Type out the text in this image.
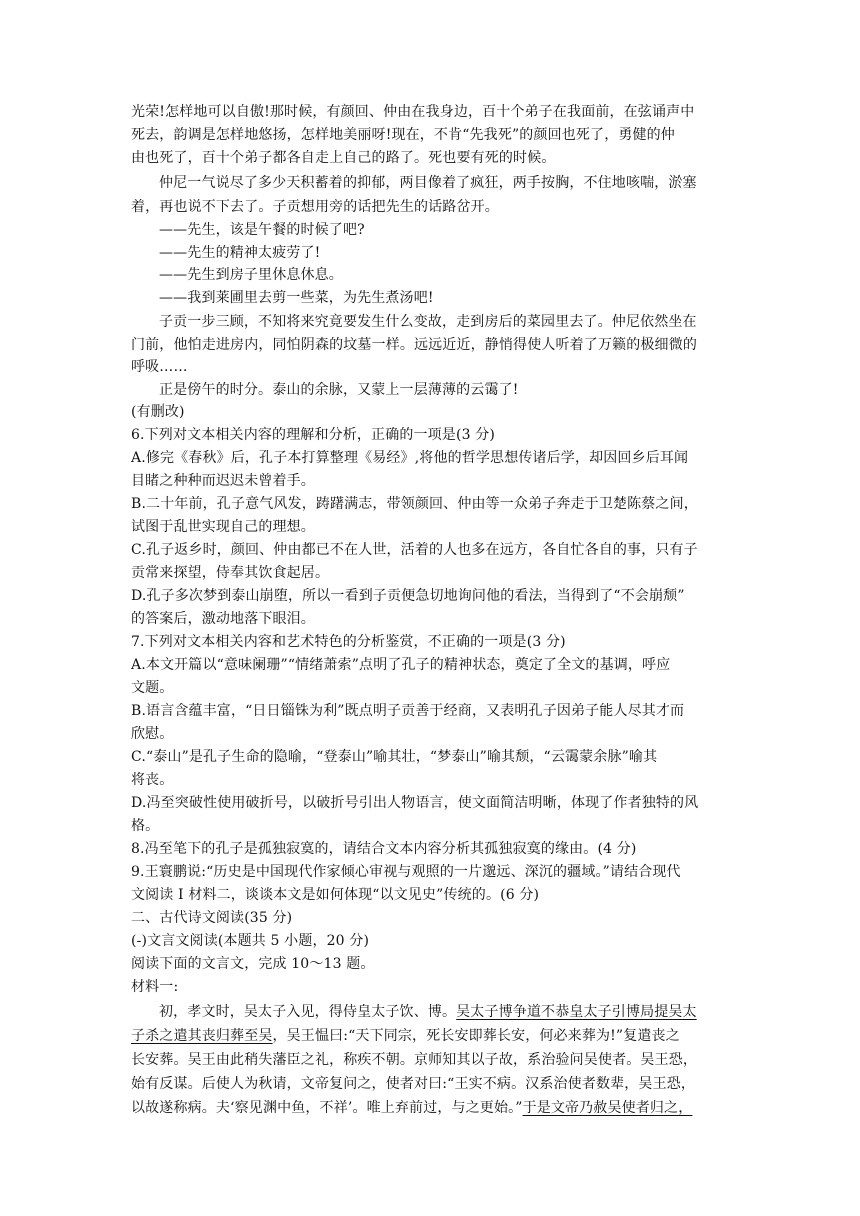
光荣!怎样地可以自傲!那时候，有颜回、仲由在我身边，百十个弟子在我面前，在弦诵声中
死去，韵调是怎样地悠扬，怎样地美丽呀!现在，不肯“先我死”的颜回也死了，勇健的仲
由也死了，百十个弟子都各自走上自己的路了。死也要有死的时候。
仲尼一气说尽了多少天积蓄着的抑郁，两目像着了疯狂，两手按胸，不住地咳喘，淤塞
着，再也说不下去了。子贡想用旁的话把先生的话路岔开。
——先生，该是午餐的时候了吧?
——先生的精神太疲劳了!
——先生到房子里休息休息。
——我到莱圃里去剪一些菜，为先生煮汤吧!
子贡一步三顾，不知将来究竟要发生什么变故，走到房后的菜园里去了。仲尼依然坐在
门前，他怕走进房内，同怕阴森的坟墓一样。远远近近，静悄得使人听着了万籁的极细微的
呼吸……
正是傍午的时分。泰山的余脉，又蒙上一层薄薄的云霭了!
(有删改)
6.下列对文本相关内容的理解和分析，正确的一项是(3 分)
A.修完《春秋》后，孔子本打算整理《易经》,将他的哲学思想传诸后学，却因回乡后耳闻
目睹之种种而迟迟未曾着手。
B.二十年前，孔子意气风发，踌躇满志，带领颜回、仲由等一众弟子奔走于卫楚陈蔡之间，
试图于乱世实现自己的理想。
C.孔子返乡时，颜回、仲由都已不在人世，活着的人也多在远方，各自忙各自的事，只有子
贡常来探望，侍奉其饮食起居。
D.孔子多次梦到泰山崩堕，所以一看到子贡便急切地询问他的看法，当得到了“不会崩颓”
的答案后，激动地落下眼泪。
7.下列对文本相关内容和艺术特色的分析鉴赏，不正确的一项是(3 分)
A.本文开篇以“意味阑珊”“情绪萧索”点明了孔子的精神状态，奠定了全文的基调，呼应
文题。
B.语言含蕴丰富，“日日锱铢为利”既点明子贡善于经商，又表明孔子因弟子能人尽其才而
欣慰。
C.“泰山”是孔子生命的隐喻，“登泰山”喻其壮，“梦泰山”喻其颓，“云霭蒙余脉”喻其
将丧。
D.冯至突破性使用破折号，以破折号引出人物语言，使文面简洁明晰，体现了作者独特的风
格。
8.冯至笔下的孔子是孤独寂寞的，请结合文本内容分析其孤独寂寞的缘由。(4 分)
9.王寰鹏说:“历史是中国现代作家倾心审视与观照的一片邈远、深沉的疆域。”请结合现代
文阅读 I 材料二，谈谈本文是如何体现“以文见史”传统的。(6 分)
二、古代诗文阅读(35 分)
(-)文言文阅读(本题共 5 小题，20 分)
阅读下面的文言文，完成 10～13 题。
材料一:
初，孝文时，吴太子入见，得侍皇太子饮、博。吴太子博争道不恭皇太子引博局提吴太
子杀之遣其丧归葬至吴，吴王愠曰:“天下同宗，死长安即葬长安，何必来葬为!”复遣丧之
长安葬。吴王由此稍失藩臣之礼，称疾不朝。京师知其以子故，系治验问吴使者。吴王恐，
始有反谋。后使人为秋请，文帝复问之，使者对曰:“王实不病。汉系治使者数辈，吴王恐，
以故遂称病。夫‘察见渊中鱼，不祥’。唯上弃前过，与之更始。”于是文帝乃赦吴使者归之，
